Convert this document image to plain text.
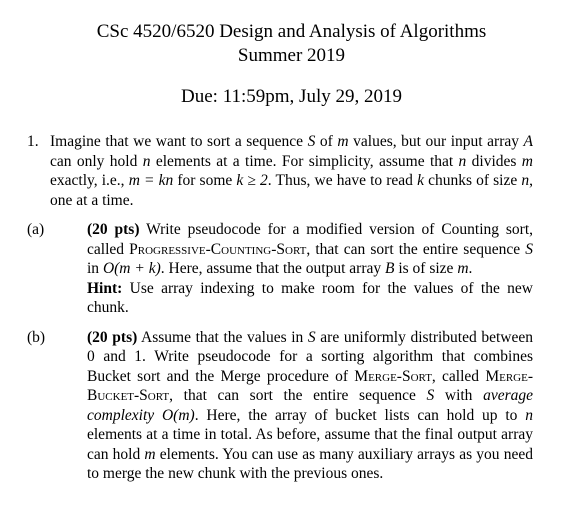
CSc 4520/6520 Design and Analysis of Algorithms
Summer 2019
Due: 11:59pm, July 29, 2019
1. Imagine that we want to sort a sequence S of m values, but our input array A can only hold n elements at a time. For simplicity, assume that n divides m exactly, i.e., m = kn for some k ≥ 2. Thus, we have to read k chunks of size n, one at a time.
(a)	(20 pts) Write pseudocode for a modified version of Counting sort, called Progressive-Counting-Sort, that can sort the entire sequence S in O(m + k). Here, assume that the output array B is of size m.
Hint: Use array indexing to make room for the values of the new chunk.
(b)	(20 pts) Assume that the values in S are uniformly distributed between 0 and 1. Write pseudocode for a sorting algorithm that combines Bucket sort and the Merge procedure of Merge-Sort, called Merge-Bucket-Sort, that can sort the entire sequence S with average complexity O(m). Here, the array of bucket lists can hold up to n elements at a time in total. As before, assume that the final output array can hold m elements. You can use as many auxiliary arrays as you need to merge the new chunk with the previous ones.
